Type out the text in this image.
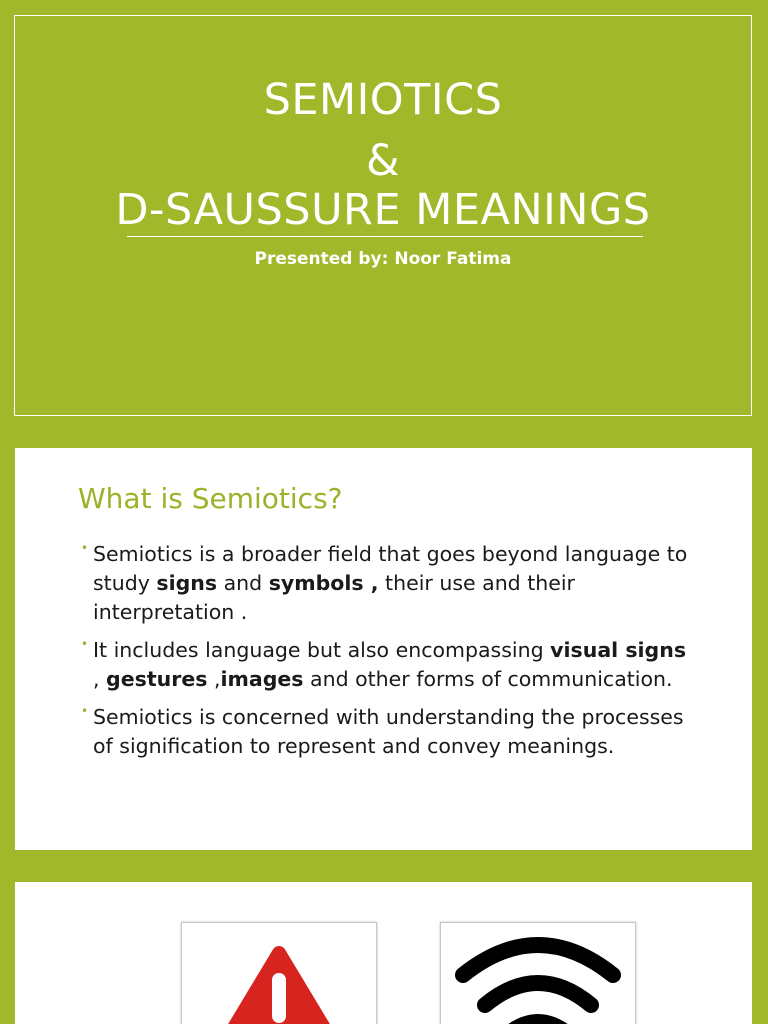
SEMIOTICS
&
D-SAUSSURE MEANINGS
Presented by: Noor Fatima
What is Semiotics?
• Semiotics is a broader field that goes beyond language to study signs and symbols , their use and their interpretation .
• It includes language but also encompassing visual signs , gestures ,images and other forms of communication.
• Semiotics is concerned with understanding the processes of signification to represent and convey meanings.
